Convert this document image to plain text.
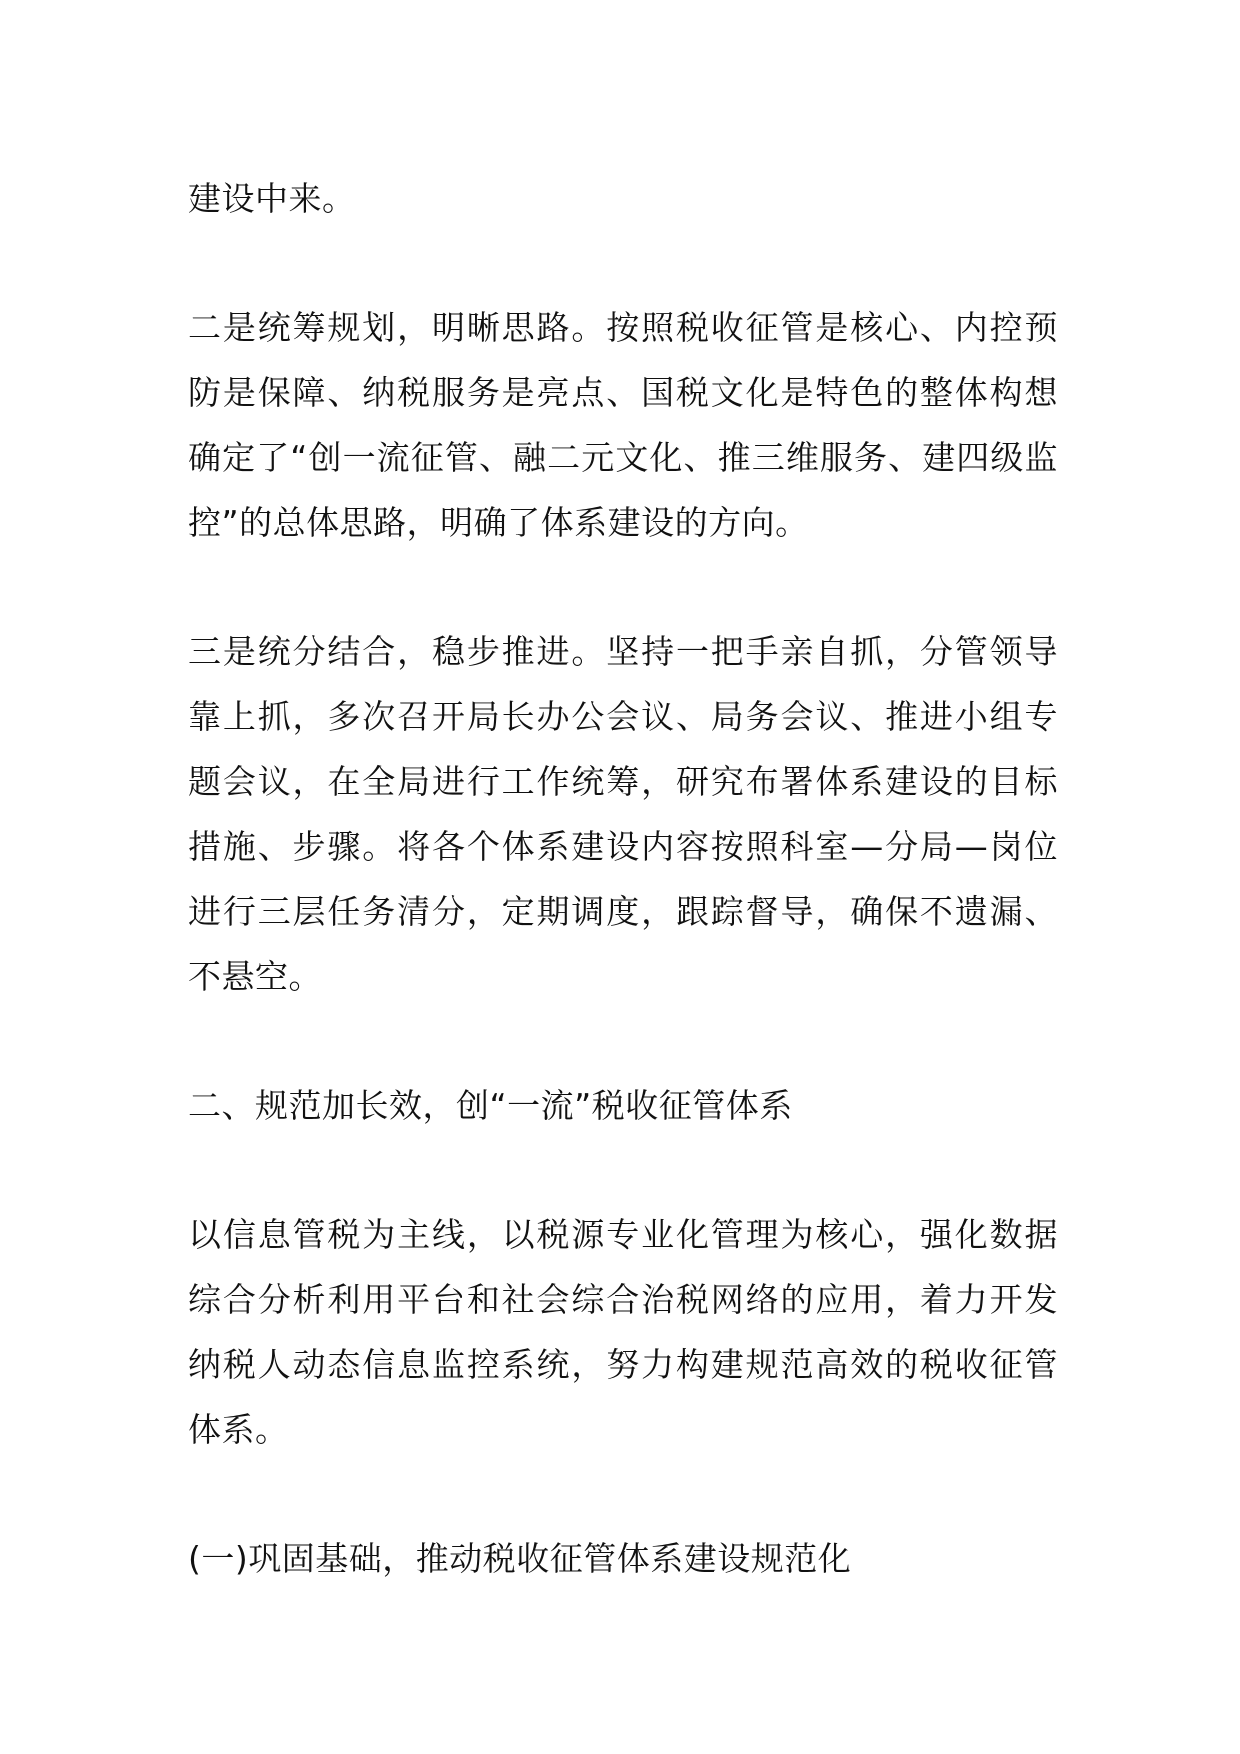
建设中来。

二是统筹规划，明晰思路。按照税收征管是核心、内控预防是保障、纳税服务是亮点、国税文化是特色的整体构想确定了“创一流征管、融二元文化、推三维服务、建四级监控”的总体思路，明确了体系建设的方向。

三是统分结合，稳步推进。坚持一把手亲自抓，分管领导靠上抓，多次召开局长办公会议、局务会议、推进小组专题会议，在全局进行工作统筹，研究布署体系建设的目标措施、步骤。将各个体系建设内容按照科室—分局—岗位进行三层任务清分，定期调度，跟踪督导，确保不遗漏、不悬空。

二、规范加长效，创“一流”税收征管体系

以信息管税为主线，以税源专业化管理为核心，强化数据综合分析利用平台和社会综合治税网络的应用，着力开发纳税人动态信息监控系统，努力构建规范高效的税收征管体系。

(一)巩固基础，推动税收征管体系建设规范化
